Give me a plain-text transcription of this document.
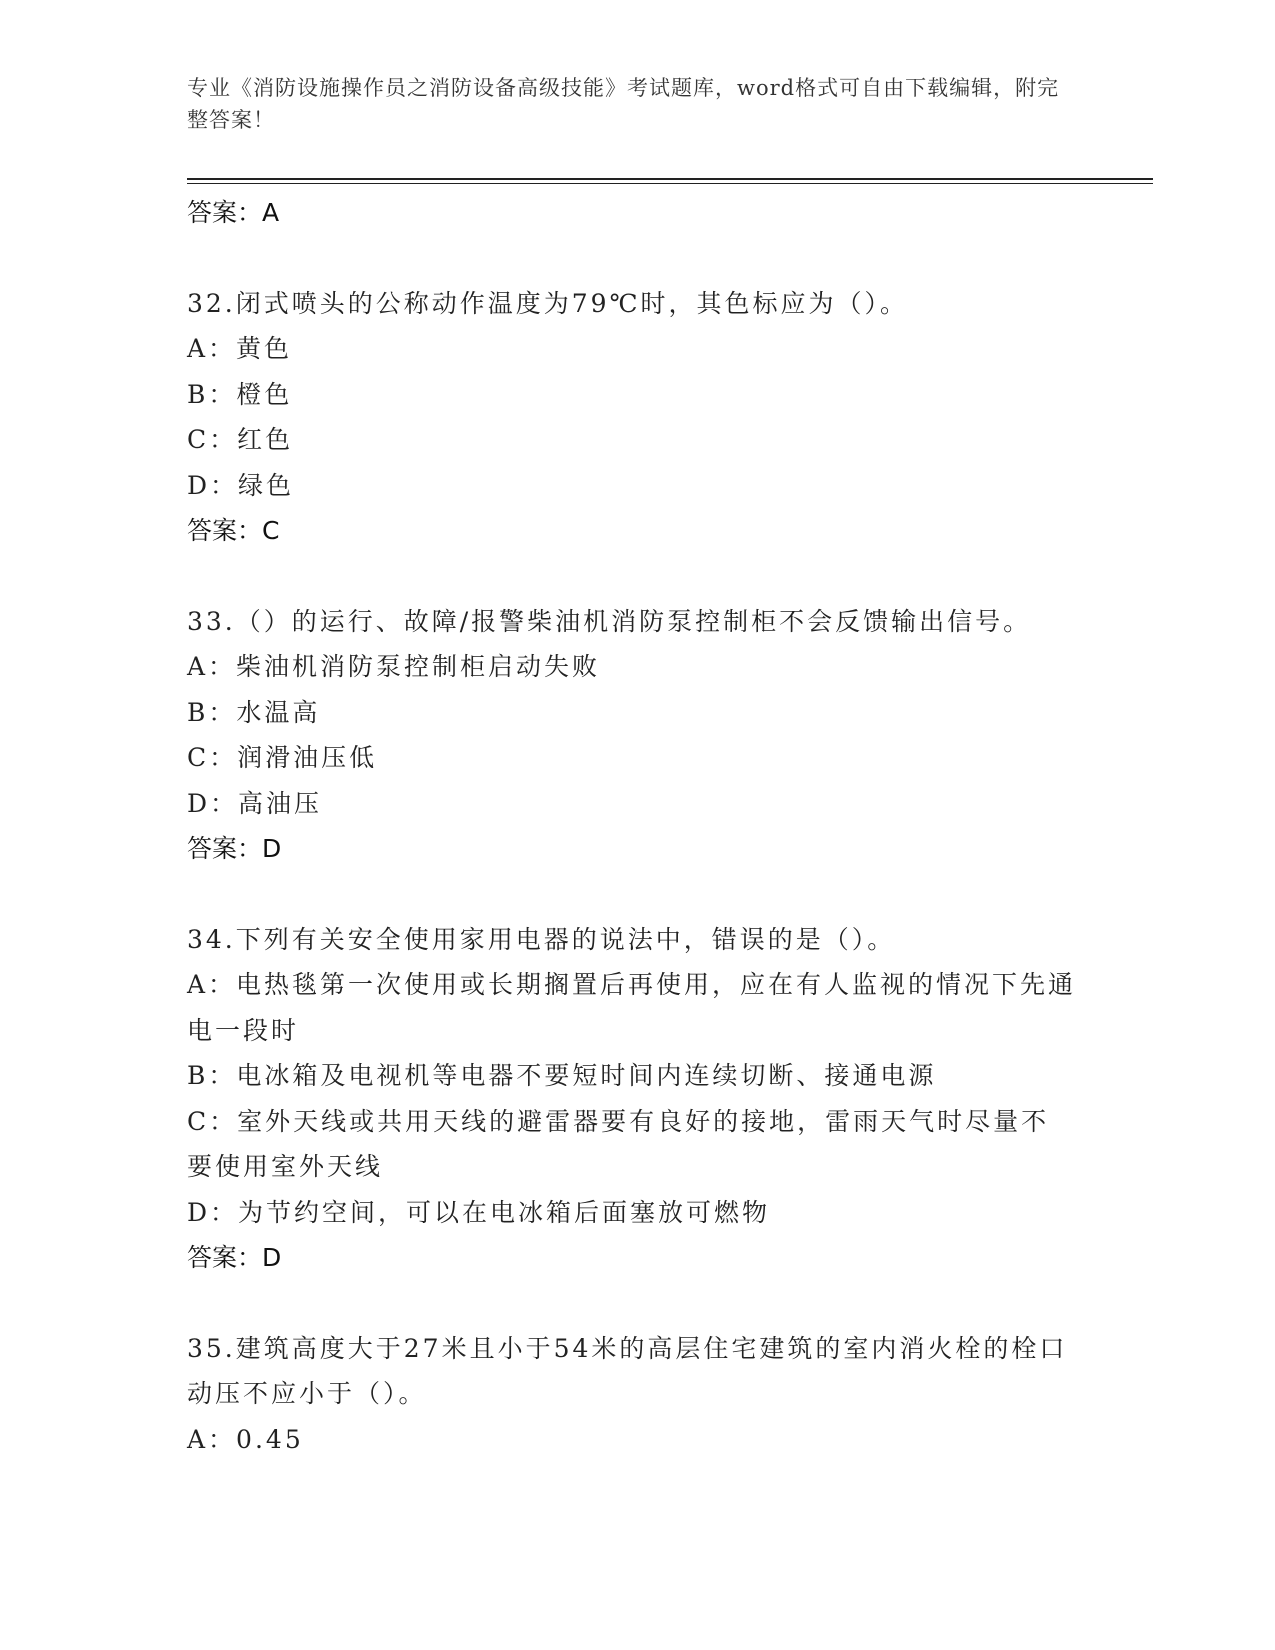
专业《消防设施操作员之消防设备高级技能》考试题库，word格式可自由下载编辑，附完整答案！

答案：A

32.闭式喷头的公称动作温度为79℃时，其色标应为（）。

A：黄色

B：橙色

C：红色

D：绿色

答案：C

33.（）的运行、故障/报警柴油机消防泵控制柜不会反馈输出信号。

A：柴油机消防泵控制柜启动失败

B：水温高

C：润滑油压低

D：高油压

答案：D

34.下列有关安全使用家用电器的说法中，错误的是（）。

A：电热毯第一次使用或长期搁置后再使用，应在有人监视的情况下先通电一段时

B：电冰箱及电视机等电器不要短时间内连续切断、接通电源

C：室外天线或共用天线的避雷器要有良好的接地，雷雨天气时尽量不要使用室外天线

D：为节约空间，可以在电冰箱后面塞放可燃物

答案：D

35.建筑高度大于27米且小于54米的高层住宅建筑的室内消火栓的栓口动压不应小于（）。

A：0.45
